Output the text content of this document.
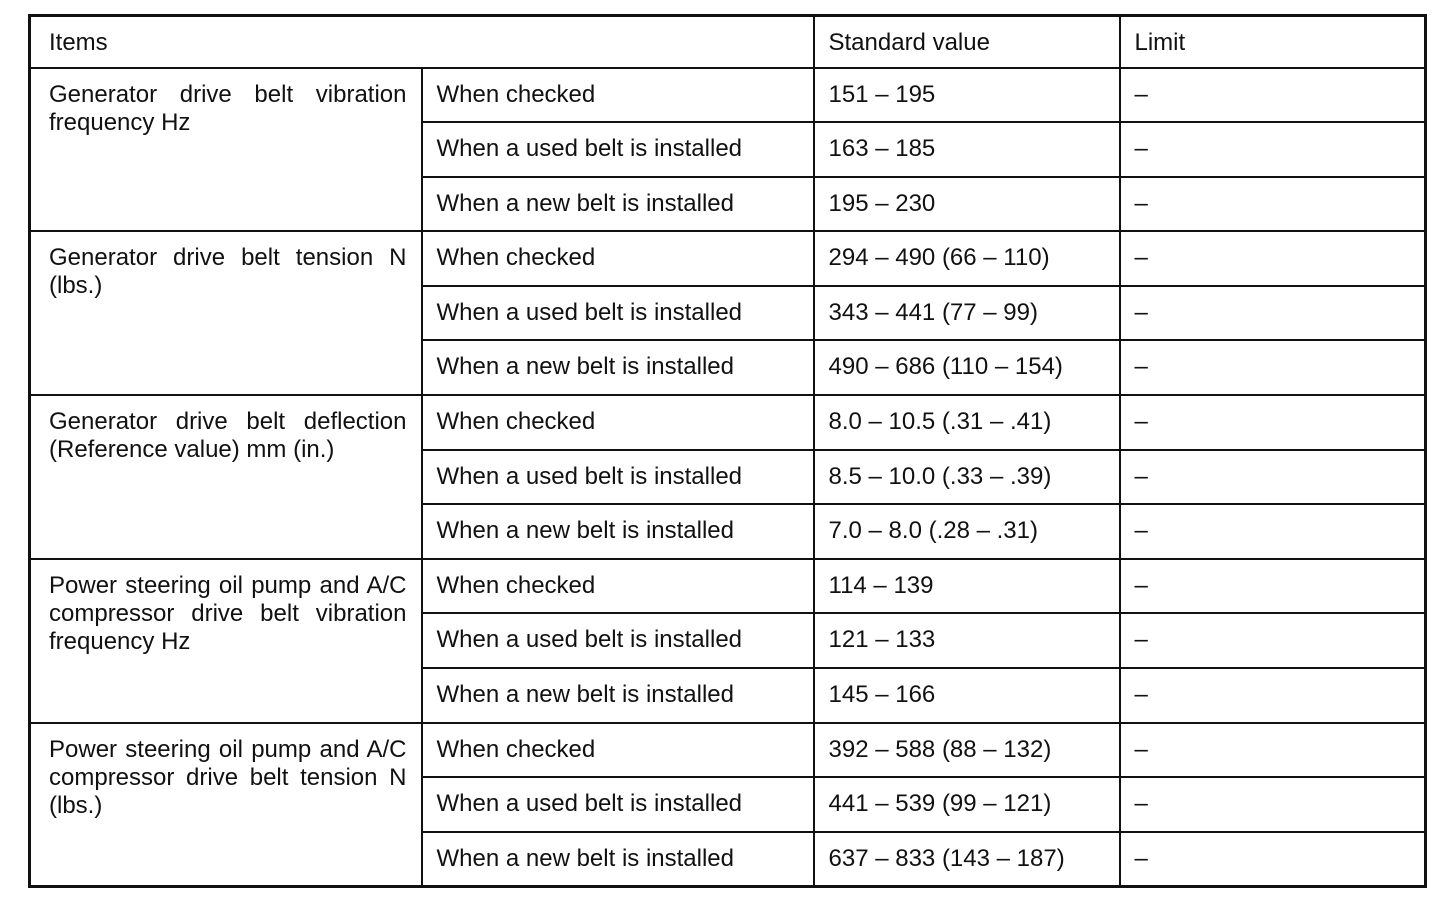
Items		Standard value	Limit
Generator drive belt vibration frequency Hz	When checked	151 – 195	–
	When a used belt is installed	163 – 185	–
	When a new belt is installed	195 – 230	–
Generator drive belt tension N (lbs.)	When checked	294 – 490 (66 – 110)	–
	When a used belt is installed	343 – 441 (77 – 99)	–
	When a new belt is installed	490 – 686 (110 – 154)	–
Generator drive belt deflection (Reference value) mm (in.)	When checked	8.0 – 10.5 (.31 – .41)	–
	When a used belt is installed	8.5 – 10.0 (.33 – .39)	–
	When a new belt is installed	7.0 – 8.0 (.28 – .31)	–
Power steering oil pump and A/C compressor drive belt vibration frequency Hz	When checked	114 – 139	–
	When a used belt is installed	121 – 133	–
	When a new belt is installed	145 – 166	–
Power steering oil pump and A/C compressor drive belt tension N (lbs.)	When checked	392 – 588 (88 – 132)	–
	When a used belt is installed	441 – 539 (99 – 121)	–
	When a new belt is installed	637 – 833 (143 – 187)	–
